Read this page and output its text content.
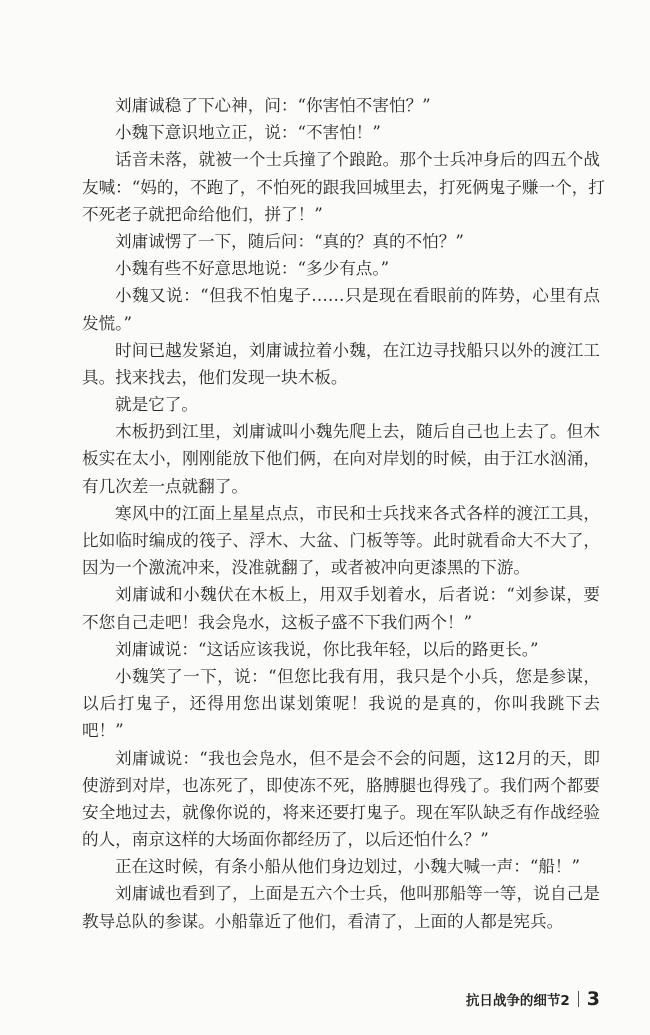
刘庸诚稳了下心神，问：“你害怕不害怕？”
小魏下意识地立正，说：“不害怕！”
话音未落，就被一个士兵撞了个踉跄。那个士兵冲身后的四五个战
友喊：“妈的，不跑了，不怕死的跟我回城里去，打死俩鬼子赚一个，打
不死老子就把命给他们，拼了！”
刘庸诚愣了一下，随后问：“真的？真的不怕？”
小魏有些不好意思地说：“多少有点。”
小魏又说：“但我不怕鬼子……只是现在看眼前的阵势，心里有点
发慌。”
时间已越发紧迫，刘庸诚拉着小魏，在江边寻找船只以外的渡江工
具。找来找去，他们发现一块木板。
就是它了。
木板扔到江里，刘庸诚叫小魏先爬上去，随后自己也上去了。但木
板实在太小，刚刚能放下他们俩，在向对岸划的时候，由于江水汹涌，
有几次差一点就翻了。
寒风中的江面上星星点点，市民和士兵找来各式各样的渡江工具，
比如临时编成的筏子、浮木、大盆、门板等等。此时就看命大不大了，
因为一个激流冲来，没准就翻了，或者被冲向更漆黑的下游。
刘庸诚和小魏伏在木板上，用双手划着水，后者说：“刘参谋，要
不您自己走吧！我会凫水，这板子盛不下我们两个！”
刘庸诚说：“这话应该我说，你比我年轻，以后的路更长。”
小魏笑了一下，说：“但您比我有用，我只是个小兵，您是参谋，
以后打鬼子，还得用您出谋划策呢！我说的是真的，你叫我跳下去
吧！”
刘庸诚说：“我也会凫水，但不是会不会的问题，这12月的天，即
使游到对岸，也冻死了，即使冻不死，胳膊腿也得残了。我们两个都要
安全地过去，就像你说的，将来还要打鬼子。现在军队缺乏有作战经验
的人，南京这样的大场面你都经历了，以后还怕什么？”
正在这时候，有条小船从他们身边划过，小魏大喊一声：“船！”
刘庸诚也看到了，上面是五六个士兵，他叫那船等一等，说自己是
教导总队的参谋。小船靠近了他们，看清了，上面的人都是宪兵。
抗日战争的细节2 3
